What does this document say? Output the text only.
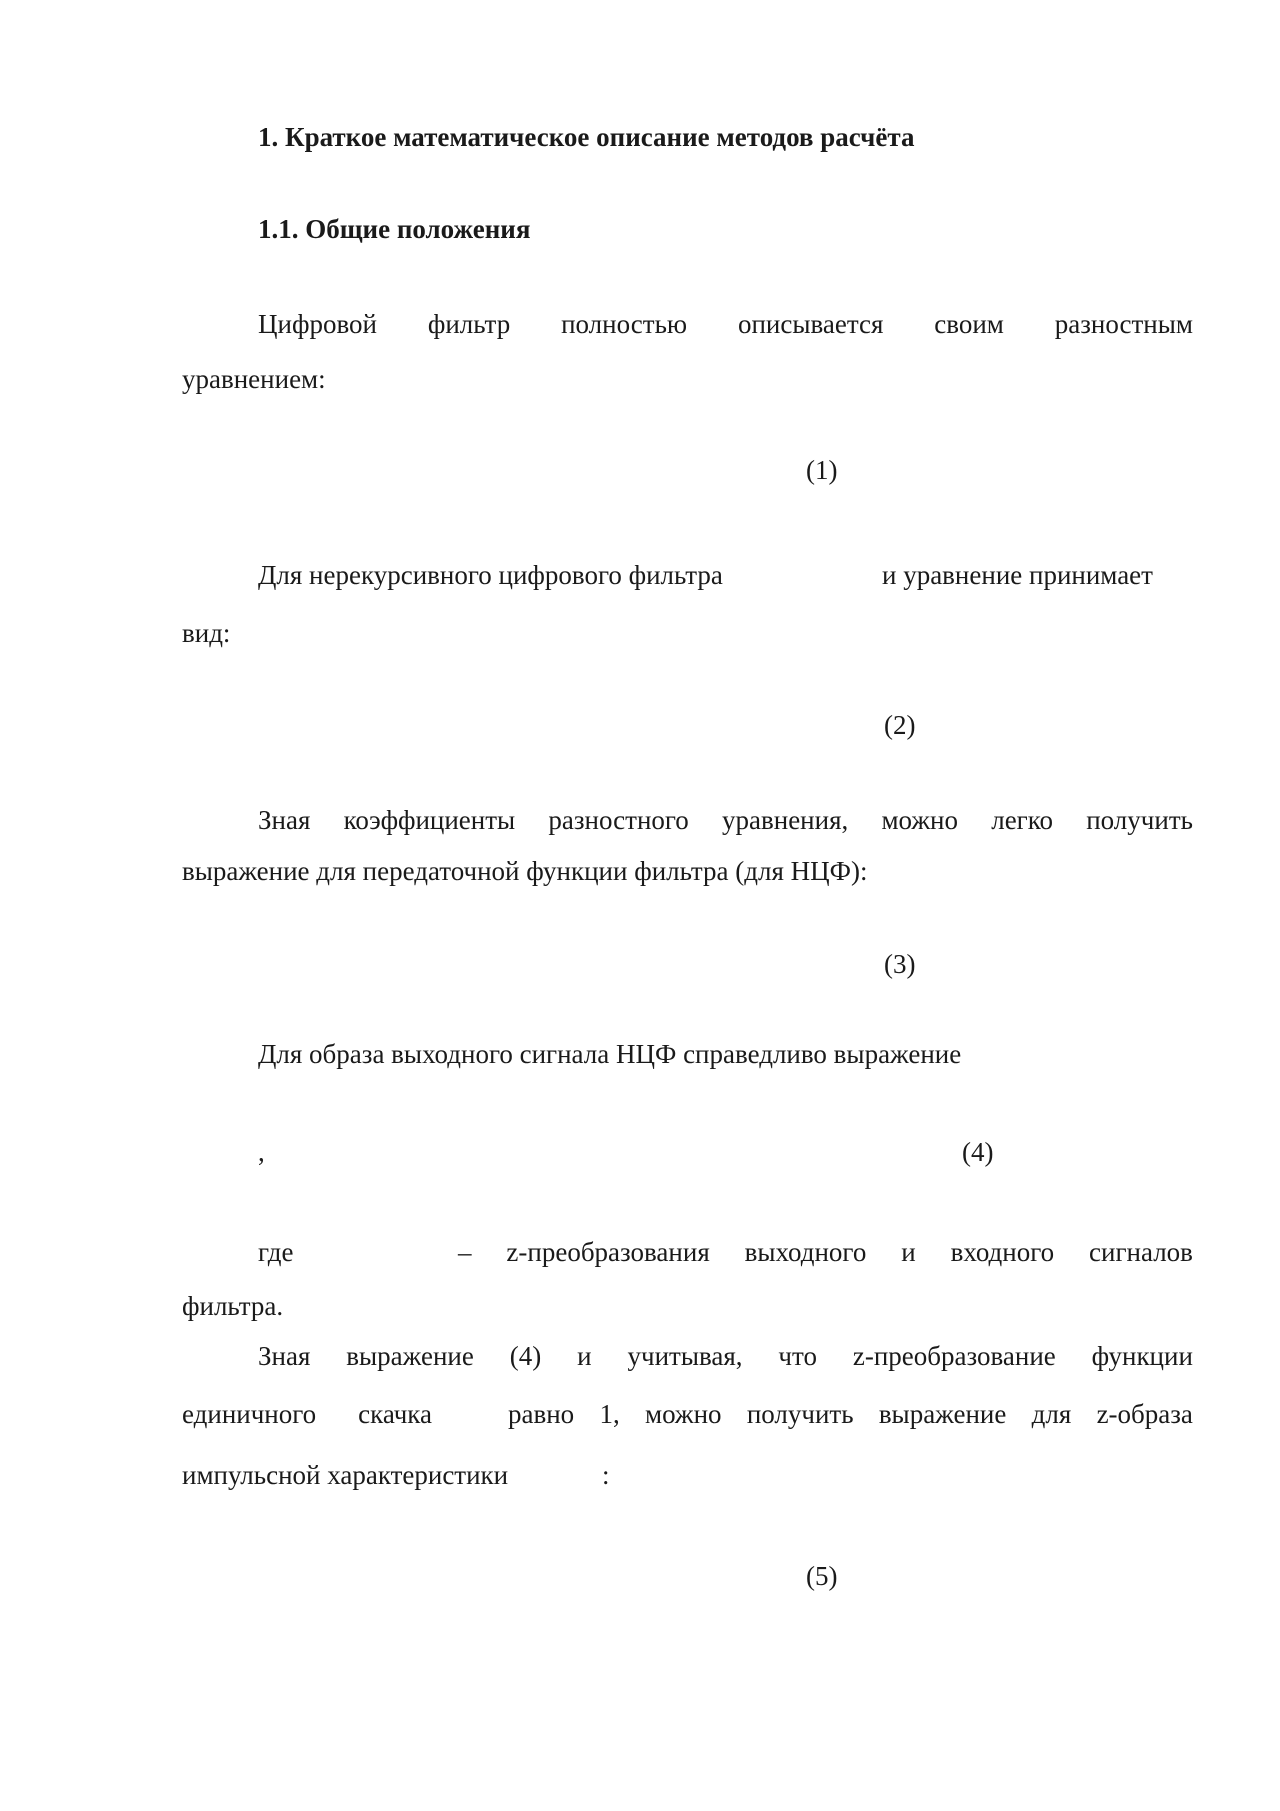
1. Краткое математическое описание методов расчёта
1.1. Общие положения
Цифровой фильтр полностью описывается своим разностным
уравнением:
(1)
Для нерекурсивного цифрового фильтра	и уравнение принимает
вид:
(2)
Зная коэффициенты разностного уравнения, можно легко получить
выражение для передаточной функции фильтра (для НЦФ):
(3)
Для образа выходного сигнала НЦФ справедливо выражение
,	(4)
где	– z-преобразования выходного и входного сигналов
фильтра.
Зная выражение (4) и учитывая, что z-преобразование функции
единичного скачка	равно 1, можно получить выражение для z-образа
импульсной характеристики	:
(5)
